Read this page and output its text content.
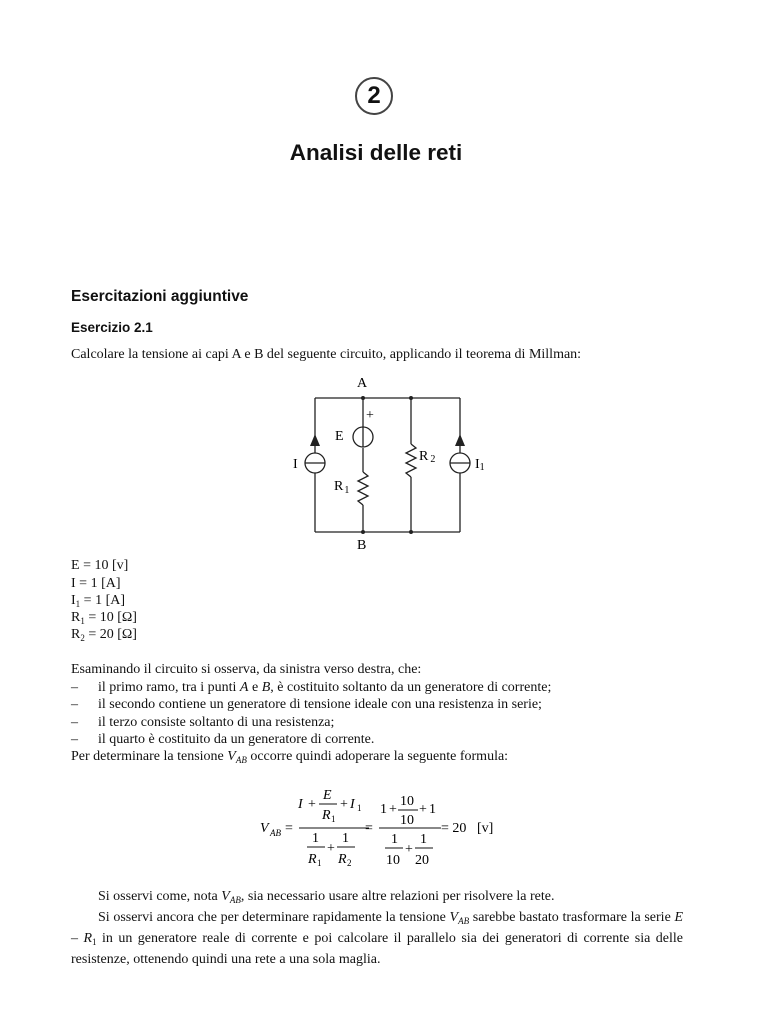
2
Analisi delle reti
Esercitazioni aggiuntive
Esercizio 2.1
Calcolare la tensione ai capi A e B del seguente circuito, applicando il teorema di Millman:
A
B
+
E
I
$R_1$
R 2	I1
E = 10 [v]
I = 1 [A]
$I_1 = 1$ [A]
$R_1 = 10$ [Ω]
$R_2 = 20$ [Ω]
Esaminando il circuito si osserva, da sinistra verso destra, che:
– il primo ramo, tra i punti A e B, è costituito soltanto da un generatore di corrente;
– il secondo contiene un generatore di tensione ideale con una resistenza in serie;
– il terzo consiste soltanto di una resistenza;
– il quarto è costituito da un generatore di corrente.
Per determinare la tensione $V_{AB}$ occorre quindi adoperare la seguente formula:
V AB =
I +
E
R 1
+ I 1
1
R 1
+
1
R 2
=
1 +
10
10
+ 1
1
10
+
1
20
= 20 [v]

Si osservi come, nota $V_{AB}$, sia necessario usare altre relazioni per risolvere la rete.

Si osservi ancora che per determinare rapidamente la tensione $V_{AB}$ sarebbe bastato trasformare la serie E – $R_1$ in un generatore reale di corrente e poi calcolare il parallelo sia dei generatori di corrente sia delle resistenze, ottenendo quindi una rete a una sola maglia.
